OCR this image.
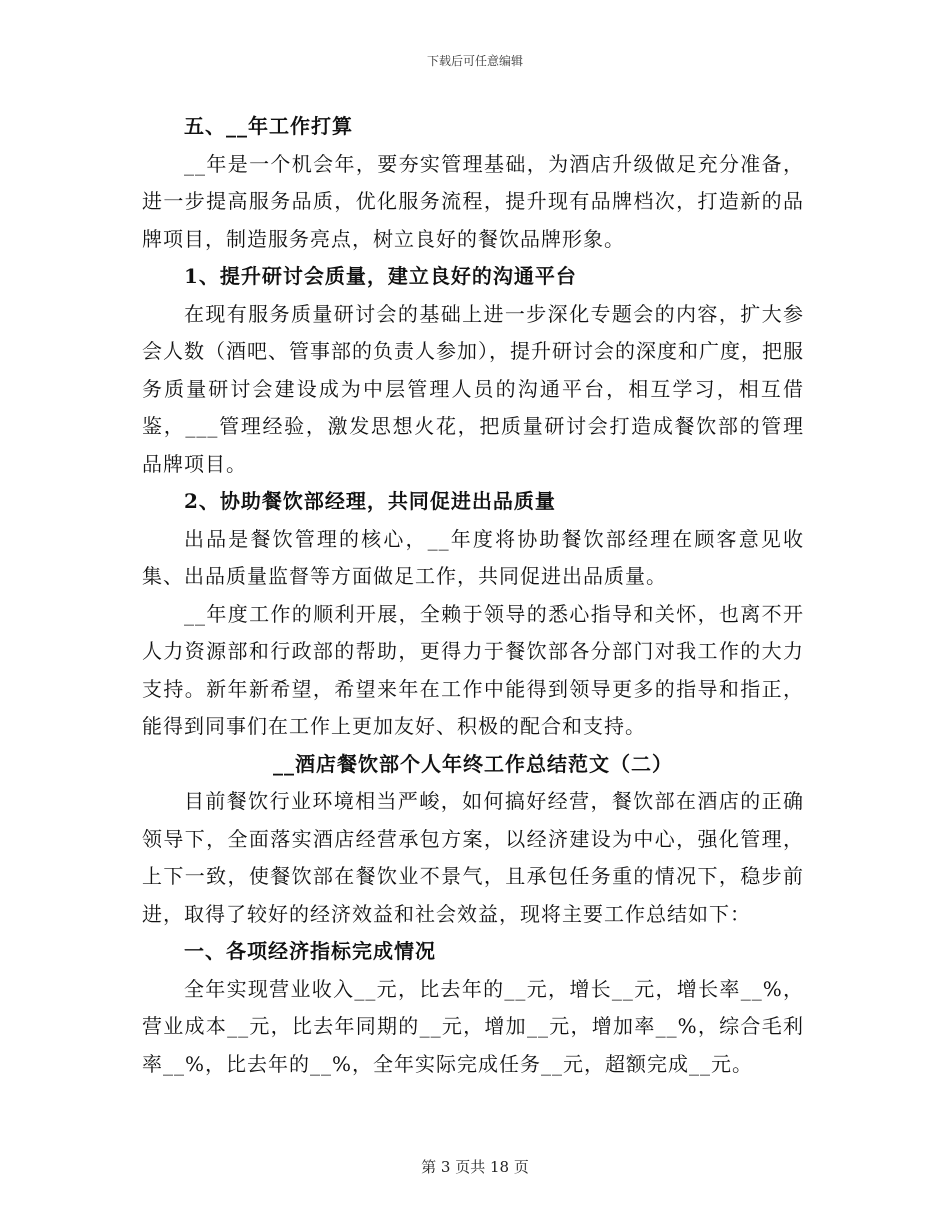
下载后可任意编辑

五、__年工作打算

__年是一个机会年，要夯实管理基础，为酒店升级做足充分准备，进一步提高服务品质，优化服务流程，提升现有品牌档次，打造新的品牌项目，制造服务亮点，树立良好的餐饮品牌形象。

1、提升研讨会质量，建立良好的沟通平台

在现有服务质量研讨会的基础上进一步深化专题会的内容，扩大参会人数（酒吧、管事部的负责人参加），提升研讨会的深度和广度，把服务质量研讨会建设成为中层管理人员的沟通平台，相互学习，相互借鉴，___管理经验，激发思想火花，把质量研讨会打造成餐饮部的管理品牌项目。

2、协助餐饮部经理，共同促进出品质量

出品是餐饮管理的核心，__年度将协助餐饮部经理在顾客意见收集、出品质量监督等方面做足工作，共同促进出品质量。

__年度工作的顺利开展，全赖于领导的悉心指导和关怀，也离不开人力资源部和行政部的帮助，更得力于餐饮部各分部门对我工作的大力支持。新年新希望，希望来年在工作中能得到领导更多的指导和指正，能得到同事们在工作上更加友好、积极的配合和支持。

__酒店餐饮部个人年终工作总结范文（二）

目前餐饮行业环境相当严峻，如何搞好经营，餐饮部在酒店的正确领导下，全面落实酒店经营承包方案，以经济建设为中心，强化管理，上下一致，使餐饮部在餐饮业不景气，且承包任务重的情况下，稳步前进，取得了较好的经济效益和社会效益，现将主要工作总结如下：

一、各项经济指标完成情况

全年实现营业收入__元，比去年的__元，增长__元，增长率__%，营业成本__元，比去年同期的__元，增加__元，增加率__%，综合毛利率__%，比去年的__%，全年实际完成任务__元，超额完成__元。

第 3 页共 18 页
